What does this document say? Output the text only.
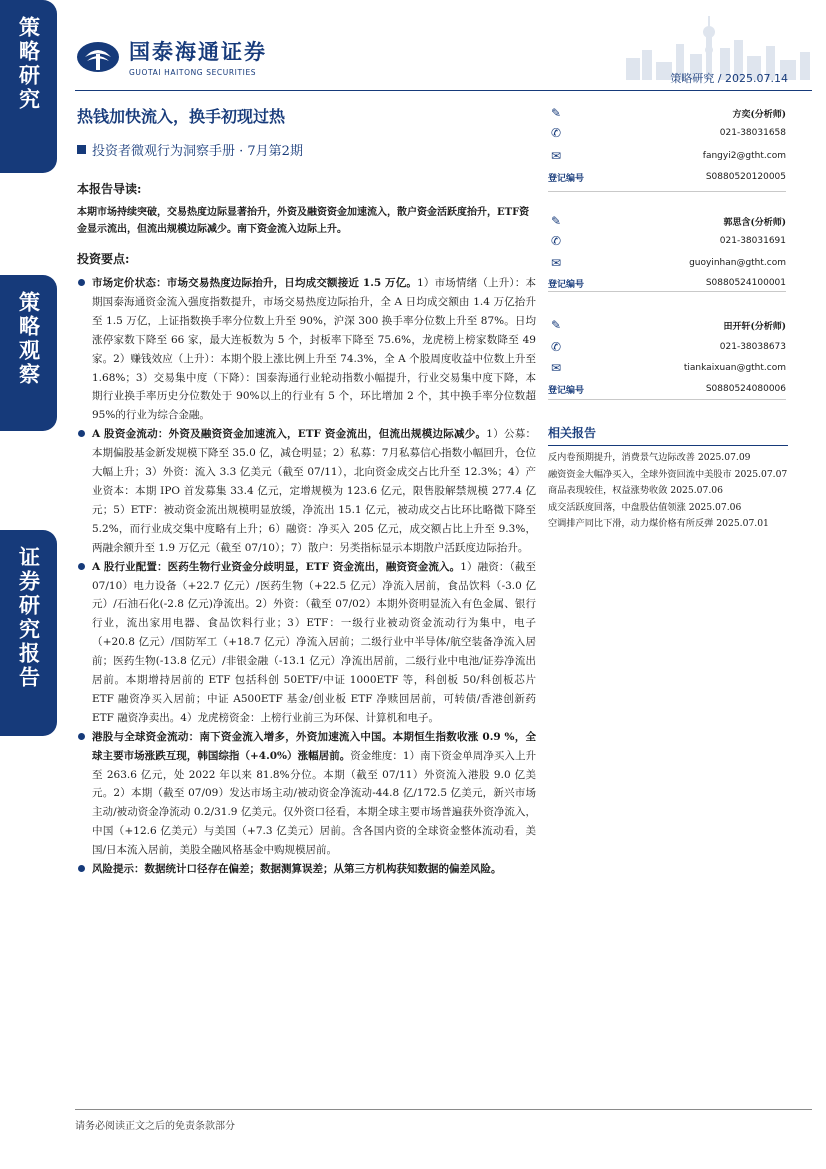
策略研究
策略观察
证券研究报告
国泰海通证券
GUOTAI HAITONG SECURITIES	策略研究 / 2025.07.14
热钱加快流入，换手初现过热
投资者微观行为洞察手册 · 7月第2期
本报告导读:
本期市场持续突破，交易热度边际显著抬升，外资及融资资金加速流入，散户资金活跃度抬升，ETF资金显示流出，但流出规模边际减少。南下资金流入边际上升。
投资要点:
市场定价状态：市场交易热度边际抬升，日均成交额接近 1.5 万亿。1）市场情绪（上升）：本期国泰海通资金流入强度指数提升，市场交易热度边际抬升，全 A 日均成交额由 1.4 万亿抬升至 1.5 万亿，上证指数换手率分位数上升至 90%，沪深 300 换手率分位数上升至 87%。日均涨停家数下降至 66 家，最大连板数为 5 个，封板率下降至 75.6%，龙虎榜上榜家数降至 49 家。2）赚钱效应（上升）：本期个股上涨比例上升至 74.3%，全 A 个股周度收益中位数上升至 1.68%；3）交易集中度（下降）：国泰海通行业轮动指数小幅提升，行业交易集中度下降，本期行业换手率历史分位数处于 90%以上的行业有 5 个，环比增加 2 个，其中换手率分位数超 95%的行业为综合金融。
A 股资金流动：外资及融资资金加速流入，ETF 资金流出，但流出规模边际减少。1）公募：本期偏股基金新发规模下降至 35.0 亿，减仓明显；2）私募：7月私募信心指数小幅回升，仓位大幅上升；3）外资：流入 3.3 亿美元（截至 07/11），北向资金成交占比升至 12.3%；4）产业资本：本期 IPO 首发募集 33.4 亿元，定增规模为 123.6 亿元，限售股解禁规模 277.4 亿元；5）ETF：被动资金流出规模明显放缓，净流出 15.1 亿元，被动成交占比环比略微下降至 5.2%，而行业成交集中度略有上升；6）融资：净买入 205 亿元，成交额占比上升至 9.3%，两融余额升至 1.9 万亿元（截至 07/10）；7）散户：另类指标显示本期散户活跃度边际抬升。
A 股行业配置：医药生物行业资金分歧明显，ETF 资金流出，融资资金流入。1）融资：（截至 07/10）电力设备（+22.7 亿元）/医药生物（+22.5 亿元）净流入居前，食品饮料（-3.0 亿元）/石油石化(-2.8 亿元)净流出。2）外资：（截至 07/02）本期外资明显流入有色金属、银行行业，流出家用电器、食品饮料行业；3）ETF：一级行业被动资金流动行为集中，电子（+20.8 亿元）/国防军工（+18.7 亿元）净流入居前；二级行业中半导体/航空装备净流入居前；医药生物(-13.8 亿元）/非银金融（-13.1 亿元）净流出居前，二级行业中电池/证券净流出居前。本期增持居前的 ETF 包括科创 50ETF/中证 1000ETF 等，科创板 50/科创板芯片 ETF 融资净买入居前；中证 A500ETF 基金/创业板 ETF 净赎回居前，可转债/香港创新药 ETF 融资净卖出。4）龙虎榜资金：上榜行业前三为环保、计算机和电子。
港股与全球资金流动：南下资金流入增多，外资加速流入中国。本期恒生指数收涨 0.9 %，全球主要市场涨跌互现，韩国综指（+4.0%）涨幅居前。资金维度：1）南下资金单周净买入上升至 263.6 亿元，处 2022 年以来 81.8%分位。本期（截至 07/11）外资流入港股 9.0 亿美元。2）本期（截至 07/09）发达市场主动/被动资金净流动-44.8 亿/172.5 亿美元，新兴市场主动/被动资金净流动 0.2/31.9 亿美元。仅外资口径看，本期全球主要市场普遍获外资净流入，中国（+12.6 亿美元）与美国（+7.3 亿美元）居前。含各国内资的全球资金整体流动看，美国/日本流入居前，美股全融风格基金中购规模居前。
风险提示：数据统计口径存在偏差；数据测算误差；从第三方机构获知数据的偏差风险。
✎	方奕(分析师)
✆	021-38031658
✉	fangyi2@gtht.com
登记编号	S0880520120005
✎	郭思含(分析师)
✆	021-38031691
✉	guoyinhan@gtht.com
登记编号	S0880524100001
✎	田开轩(分析师)
✆	021-38038673
✉	tiankaixuan@gtht.com
登记编号	S0880524080006
相关报告
反内卷预期提升，消费景气边际改善 2025.07.09
融资资金大幅净买入，全球外资回流中美股市 2025.07.07
商品表现较佳，权益涨势收敛 2025.07.06
成交活跃度回落，中盘股估值领涨 2025.07.06
空调排产同比下滑，动力煤价格有所反弹 2025.07.01
请务必阅读正文之后的免责条款部分
